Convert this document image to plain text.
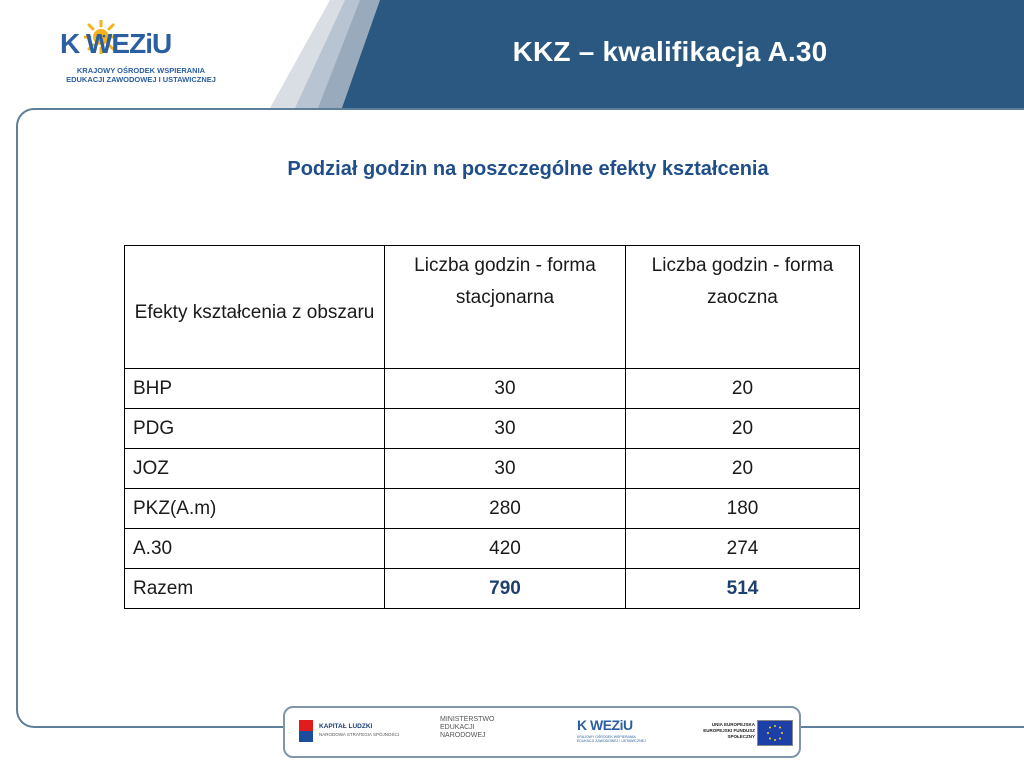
K WEZiU
KRAJOWY OŚRODEK WSPIERANIA
EDUKACJI ZAWODOWEJ I USTAWICZNEJ
KKZ – kwalifikacja A.30
Podział godzin na poszczególne efekty kształcenia
Efekty kształcenia z obszaru	Liczba godzin - forma stacjonarna	Liczba godzin - forma zaoczna
BHP	30	20
PDG	30	20
JOZ	30	20
PKZ(A.m)	280	180
A.30	420	274
Razem	790	514
KAPITAŁ LUDZKI
NARODOWA STRATEGIA SPÓJNOŚCI
MINISTERSTWO EDUKACJI NARODOWEJ
K WEZiU
KRAJOWY OŚRODEK WSPIERANIA EDUKACJI ZAWODOWEJ I USTAWICZNEJ
UNIA EUROPEJSKA EUROPEJSKI FUNDUSZ SPOŁECZNY
